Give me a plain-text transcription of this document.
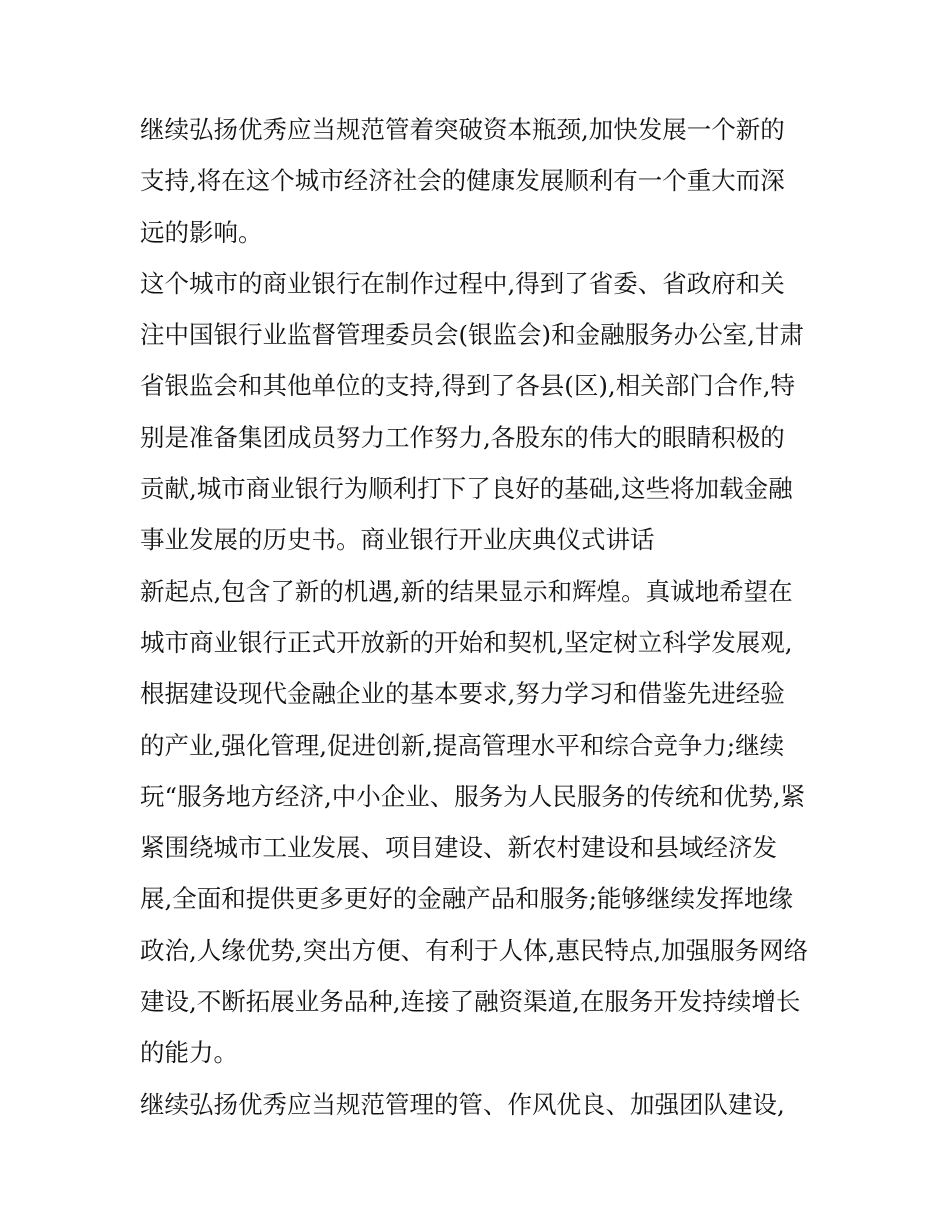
继续弘扬优秀应当规范管着突破资本瓶颈,加快发展一个新的
支持,将在这个城市经济社会的健康发展顺利有一个重大而深
远的影响。
这个城市的商业银行在制作过程中,得到了省委、省政府和关
注中国银行业监督管理委员会(银监会)和金融服务办公室,甘肃
省银监会和其他单位的支持,得到了各县(区),相关部门合作,特
别是准备集团成员努力工作努力,各股东的伟大的眼睛积极的
贡献,城市商业银行为顺利打下了良好的基础,这些将加载金融
事业发展的历史书。商业银行开业庆典仪式讲话
新起点,包含了新的机遇,新的结果显示和辉煌。真诚地希望在
城市商业银行正式开放新的开始和契机,坚定树立科学发展观,
根据建设现代金融企业的基本要求,努力学习和借鉴先进经验
的产业,强化管理,促进创新,提高管理水平和综合竞争力;继续
玩“服务地方经济,中小企业、服务为人民服务的传统和优势,紧
紧围绕城市工业发展、项目建设、新农村建设和县域经济发
展,全面和提供更多更好的金融产品和服务;能够继续发挥地缘
政治,人缘优势,突出方便、有利于人体,惠民特点,加强服务网络
建设,不断拓展业务品种,连接了融资渠道,在服务开发持续增长
的能力。
继续弘扬优秀应当规范管理的管、作风优良、加强团队建设,
